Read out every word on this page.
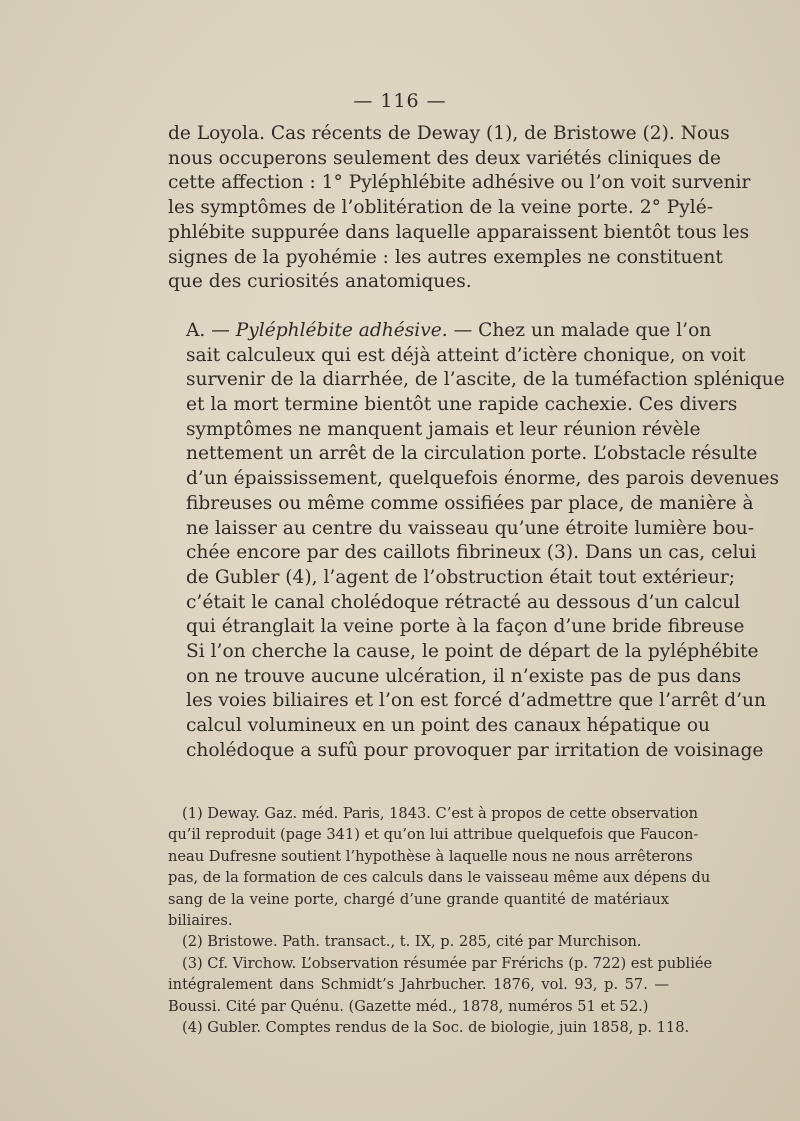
— 116 —

de Loyola. Cas récents de Deway (1), de Bristowe (2). Nous
nous occuperons seulement des deux variétés cliniques de
cette affection : 1° Pyléphlébite adhésive ou l’on voit survenir
les symptômes de l’oblitération de la veine porte. 2° Pylé-
phlébite suppurée dans laquelle apparaissent bientôt tous les
signes de la pyohémie : les autres exemples ne constituent
que des curiosités anatomiques.

A. — Pyléphlébite adhésive. — Chez un malade que l’on
sait calculeux qui est déjà atteint d’ictère chonique, on voit
survenir de la diarrhée, de l’ascite, de la tuméfaction splénique
et la mort termine bientôt une rapide cachexie. Ces divers
symptômes ne manquent jamais et leur réunion révèle
nettement un arrêt de la circulation porte. L’obstacle résulte
d’un épaississement, quelquefois énorme, des parois devenues
fibreuses ou même comme ossifiées par place, de manière à
ne laisser au centre du vaisseau qu’une étroite lumière bou-
chée encore par des caillots fibrineux (3). Dans un cas, celui
de Gubler (4), l’agent de l’obstruction était tout extérieur;
c’était le canal cholédoque rétracté au dessous d’un calcul
qui étranglait la veine porte à la façon d’une bride fibreuse
Si l’on cherche la cause, le point de départ de la pyléphébite
on ne trouve aucune ulcération, il n’existe pas de pus dans
les voies biliaires et l’on est forcé d’admettre que l’arrêt d’un
calcul volumineux en un point des canaux hépatique ou
cholédoque a sufû pour provoquer par irritation de voisinage

(1) Deway. Gaz. méd. Paris, 1843. C’est à propos de cette observation
qu’il reproduit (page 341) et qu’on lui attribue quelquefois que Faucon-
neau Dufresne soutient l’hypothèse à laquelle nous ne nous arrêterons
pas, de la formation de ces calculs dans le vaisseau même aux dépens du
sang de la veine porte, chargé d’une grande quantité de matériaux
biliaires.
(2) Bristowe. Path. transact., t. IX, p. 285, cité par Murchison.
(3) Cf. Virchow. L’observation résumée par Frérichs (p. 722) est publiée
intégralement dans Schmidt’s Jahrbucher. 1876, vol. 93, p. 57. —
Boussi. Cité par Quénu. (Gazette méd., 1878, numéros 51 et 52.)
(4) Gubler. Comptes rendus de la Soc. de biologie, juin 1858, p. 118.
